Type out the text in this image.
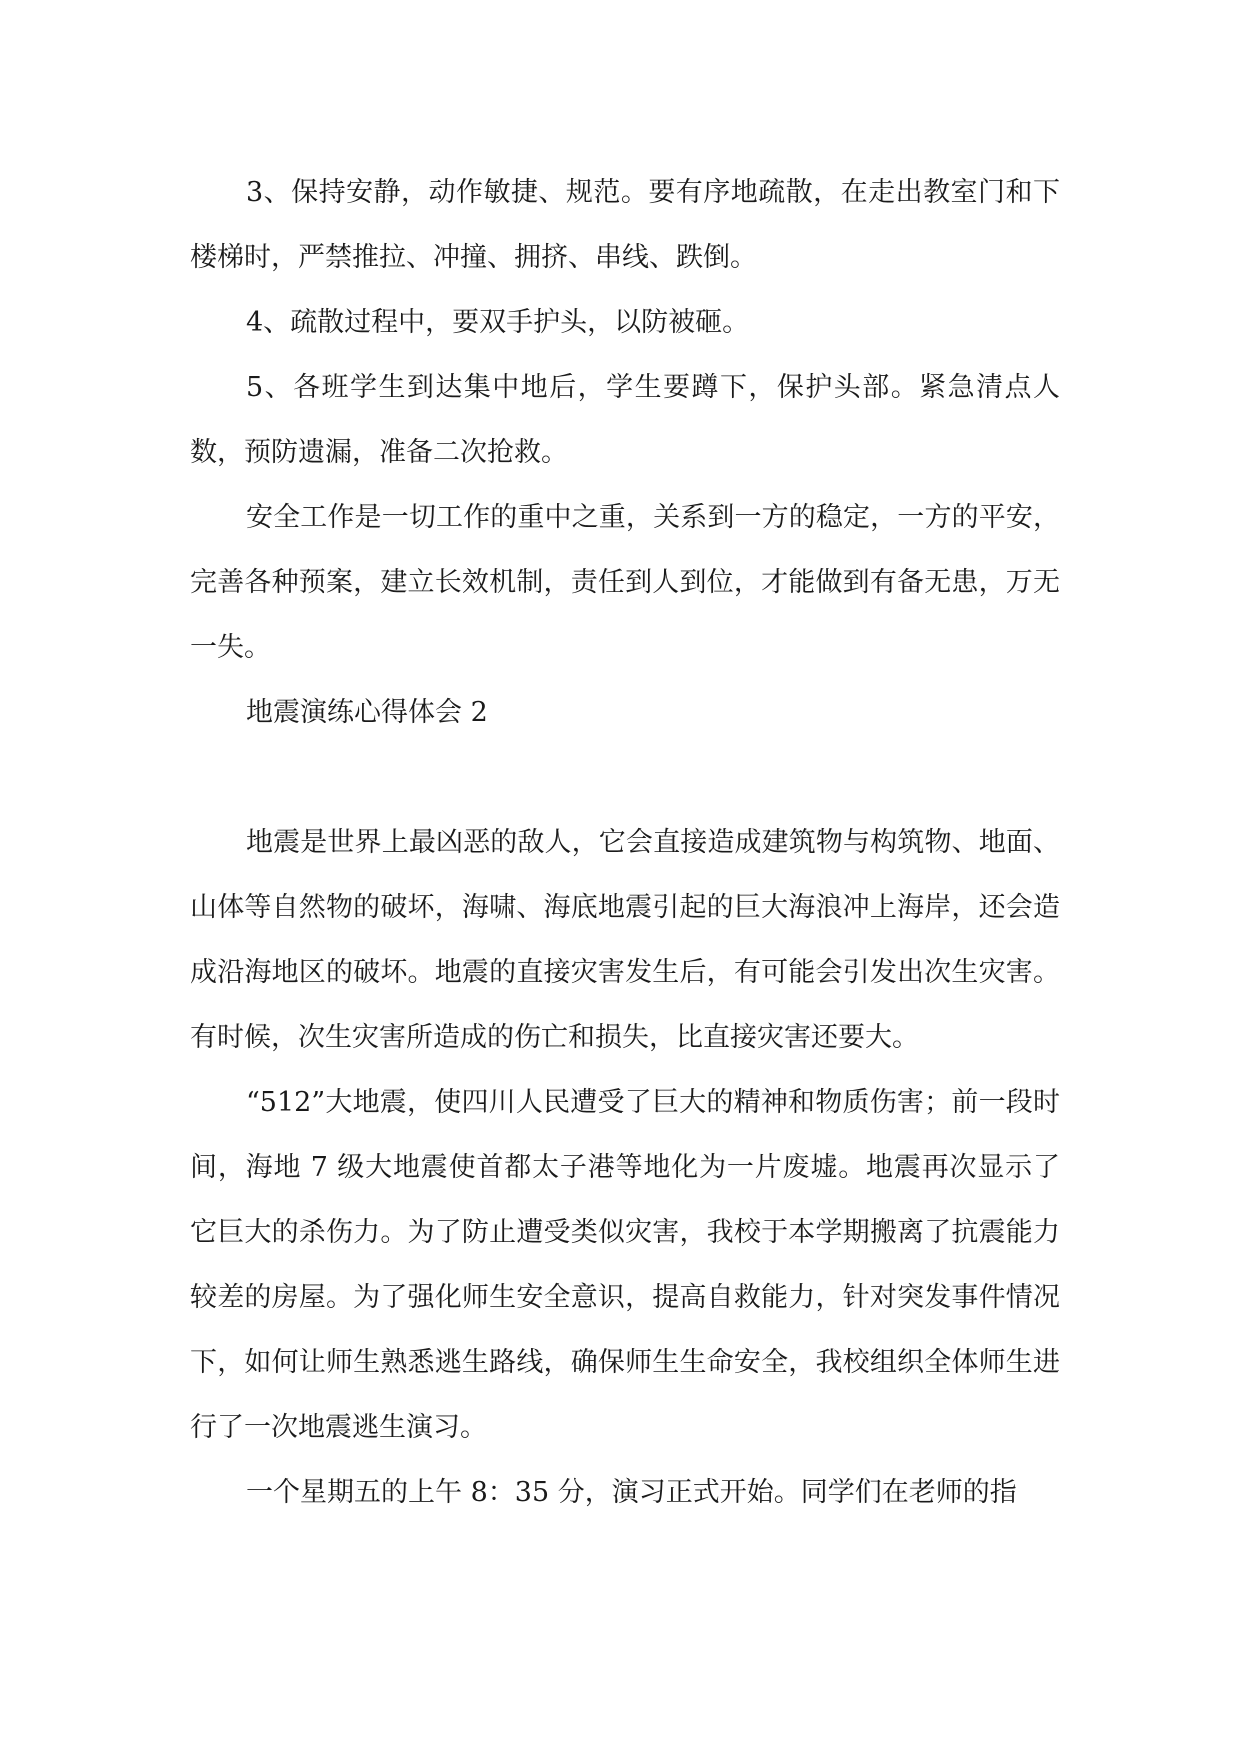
3、保持安静，动作敏捷、规范。要有序地疏散，在走出教室门和下楼梯时，严禁推拉、冲撞、拥挤、串线、跌倒。

4、疏散过程中，要双手护头，以防被砸。

5、各班学生到达集中地后，学生要蹲下，保护头部。紧急清点人数，预防遗漏，准备二次抢救。

安全工作是一切工作的重中之重，关系到一方的稳定，一方的平安，完善各种预案，建立长效机制，责任到人到位，才能做到有备无患，万无一失。

地震演练心得体会 2

地震是世界上最凶恶的敌人，它会直接造成建筑物与构筑物、地面、山体等自然物的破坏，海啸、海底地震引起的巨大海浪冲上海岸，还会造成沿海地区的破坏。地震的直接灾害发生后，有可能会引发出次生灾害。有时候，次生灾害所造成的伤亡和损失，比直接灾害还要大。

“512”大地震，使四川人民遭受了巨大的精神和物质伤害；前一段时间，海地 7 级大地震使首都太子港等地化为一片废墟。地震再次显示了它巨大的杀伤力。为了防止遭受类似灾害，我校于本学期搬离了抗震能力较差的房屋。为了强化师生安全意识，提高自救能力，针对突发事件情况下，如何让师生熟悉逃生路线，确保师生生命安全，我校组织全体师生进行了一次地震逃生演习。

一个星期五的上午 8：35 分，演习正式开始。同学们在老师的指
